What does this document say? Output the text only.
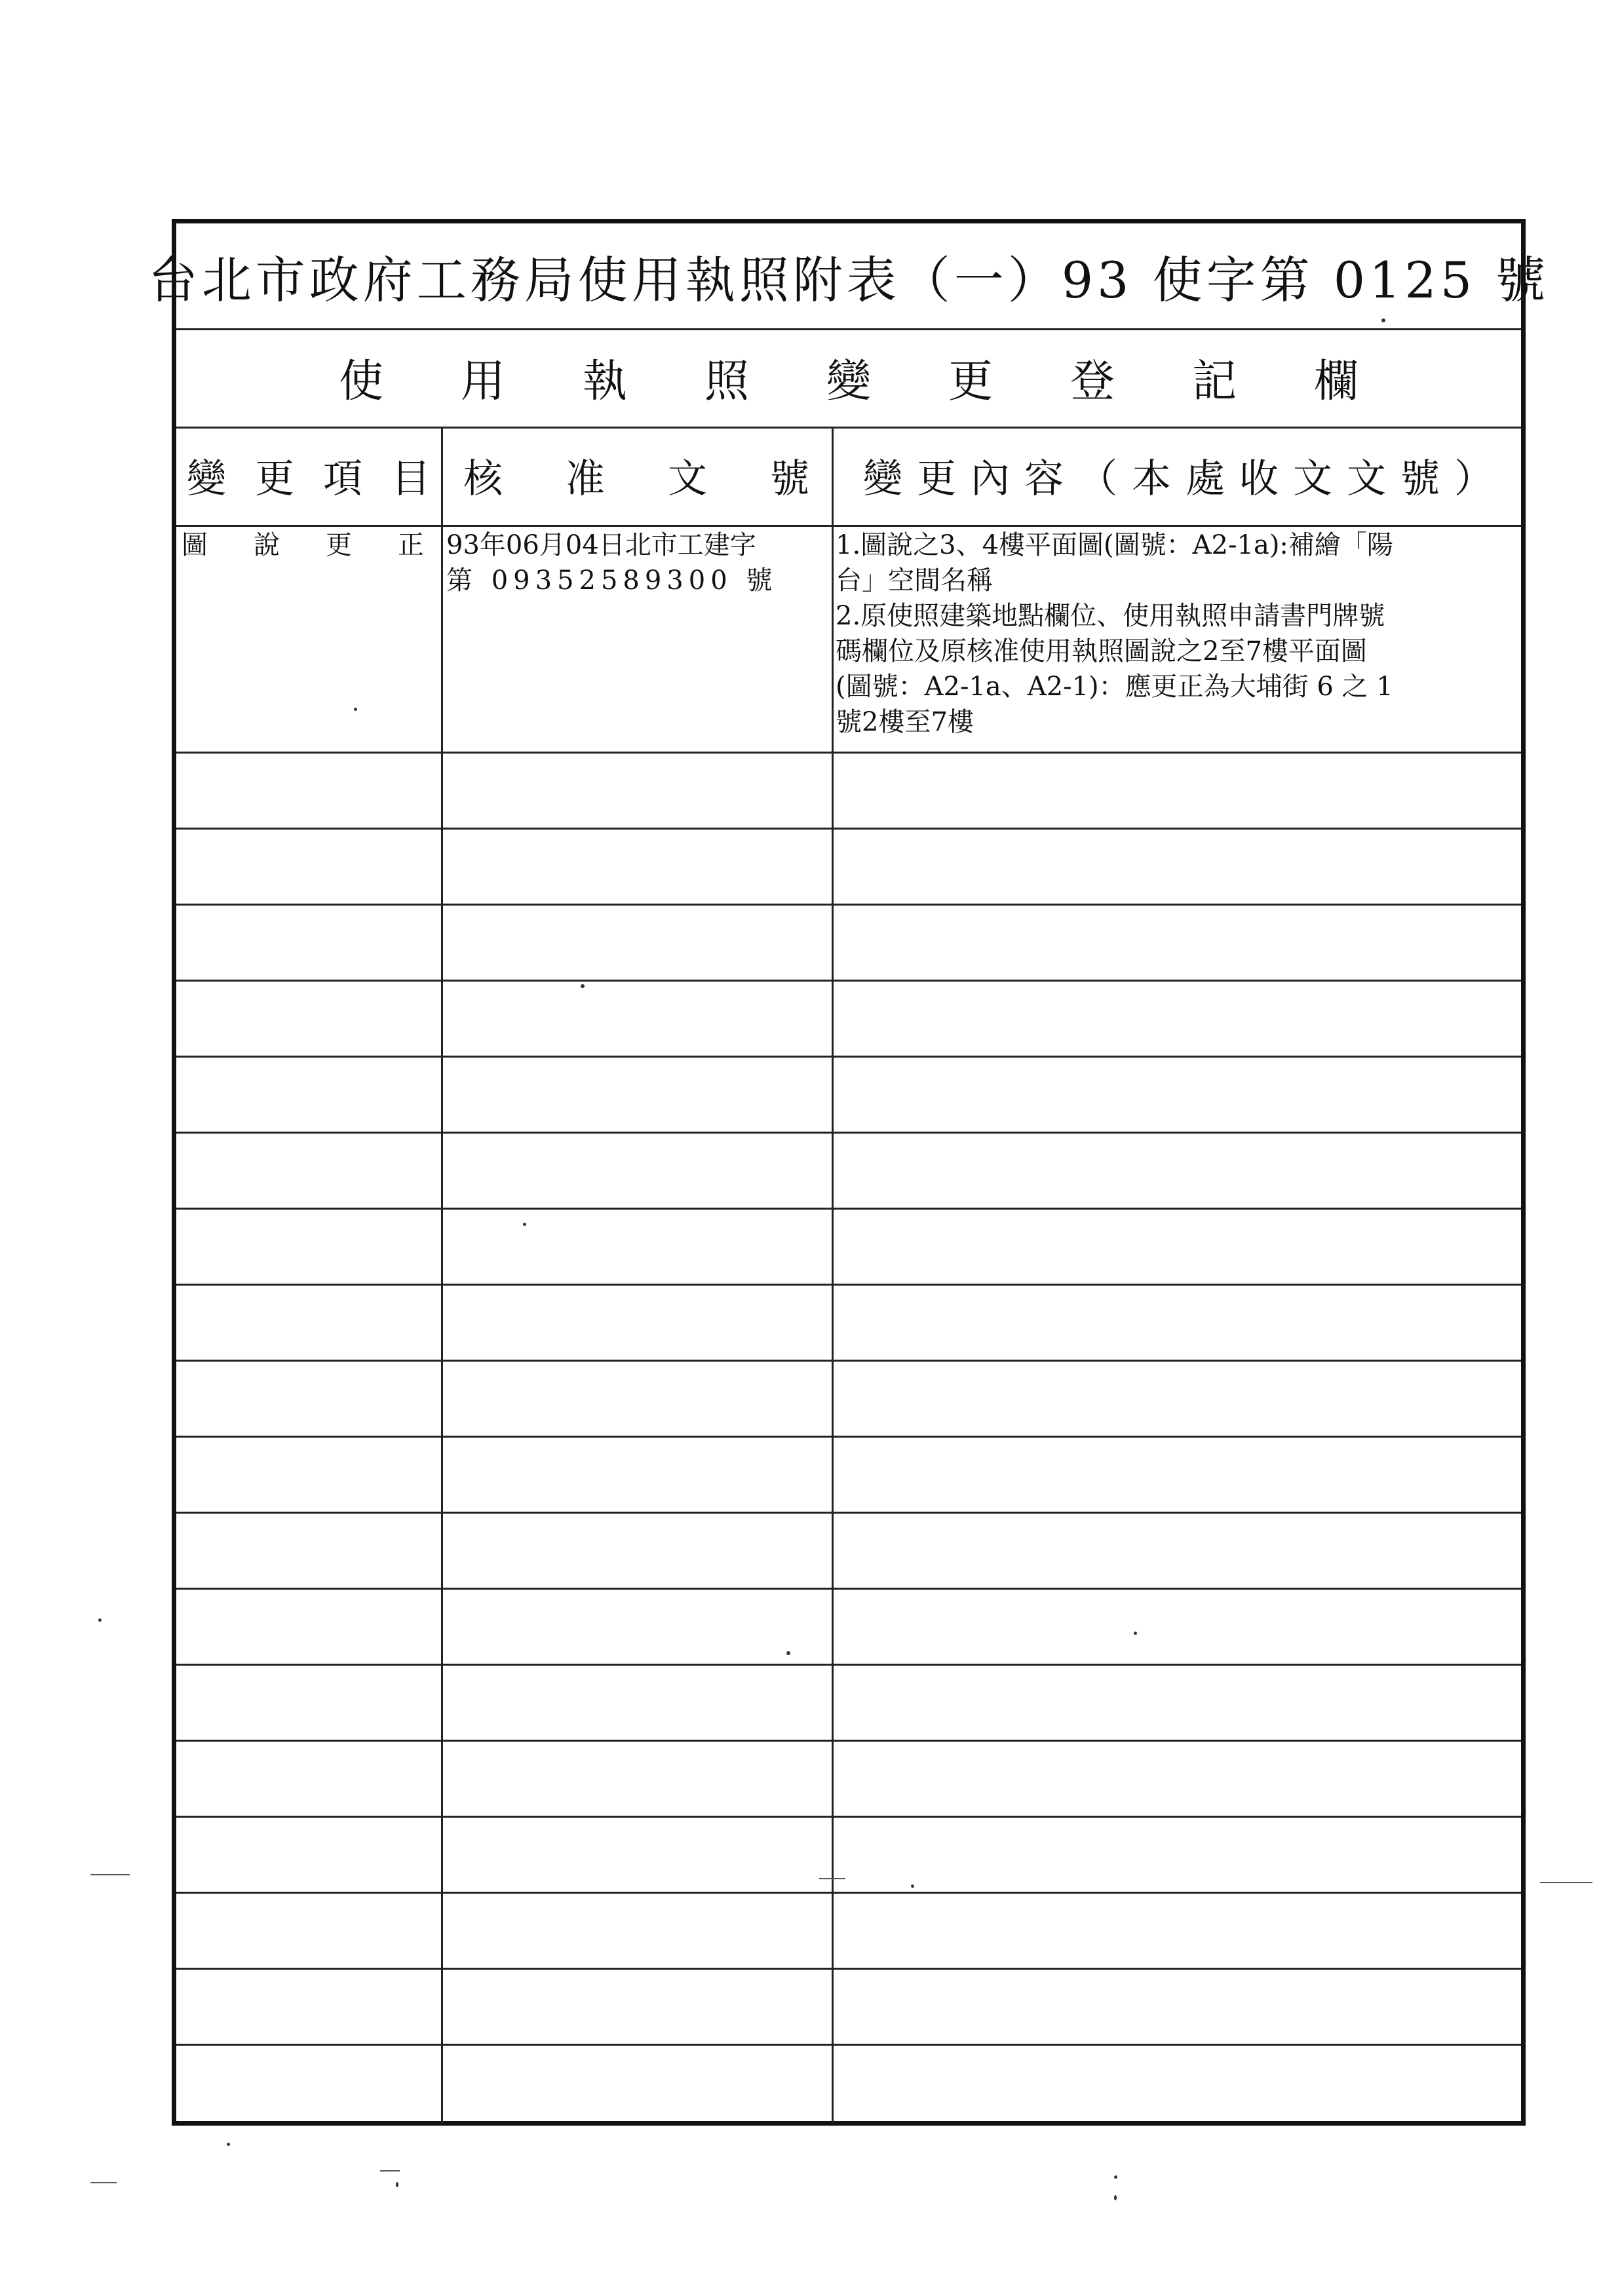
台北市政府工務局使用執照附表（一）93 使字第 0125 號
使用執照變更登記欄
變更項目 核准文號
變更內容（本處收文文號）
圖說更正
93年06月04日北市工建字
第 09352589300 號
1.圖說之3、4樓平面圖(圖號：A2-1a):補繪「陽
台」空間名稱
2.原使照建築地點欄位、使用執照申請書門牌號
碼欄位及原核准使用執照圖說之2至7樓平面圖
(圖號：A2-1a、A2-1)：應更正為大埔街 6 之 1
號2樓至7樓
